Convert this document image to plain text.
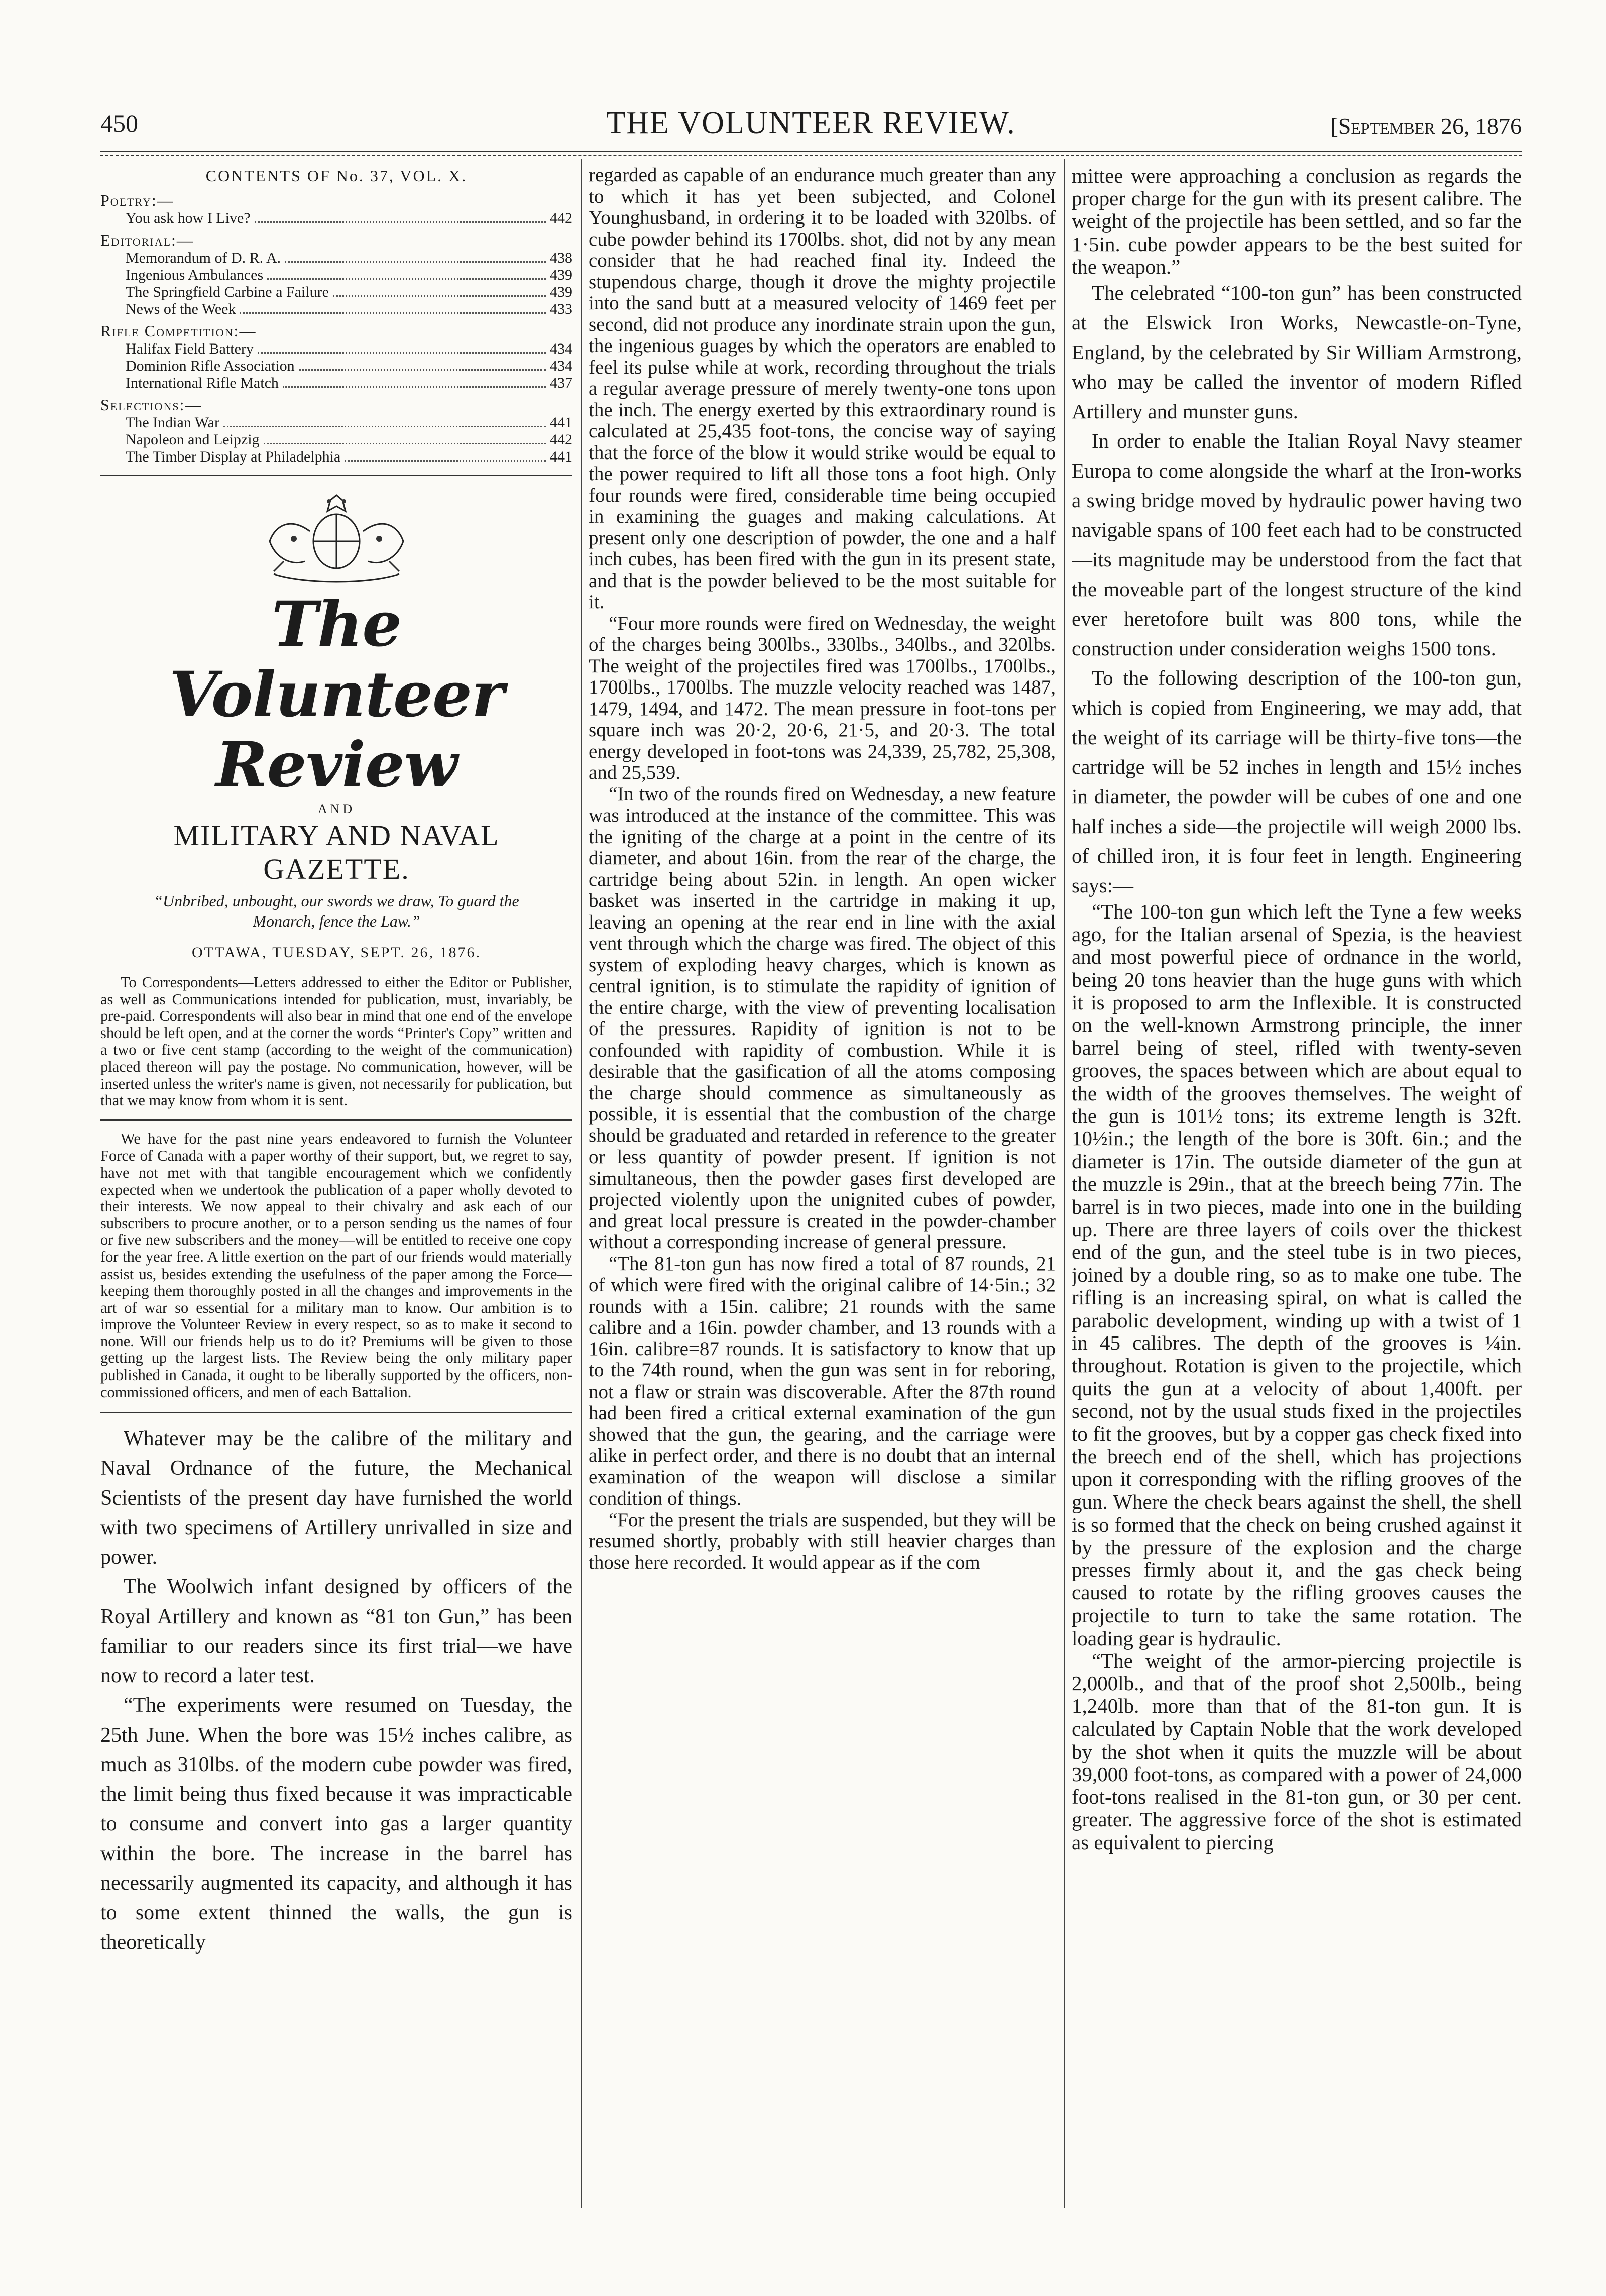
450	THE VOLUNTEER REVIEW.	[September 26, 1876
CONTENTS OF No. 37, VOL. X.
Poetry:—
You ask how I Live?	442
Editorial:—
Memorandum of D. R. A.	438
Ingenious Ambulances	439
The Springfield Carbine a Failure	439
News of the Week	433
Rifle Competition:—
Halifax Field Battery	434
Dominion Rifle Association	434
International Rifle Match	437
Selections:—
The Indian War	441
Napoleon and Leipzig	442
The Timber Display at Philadelphia	441
The Volunteer Review
AND
MILITARY AND NAVAL GAZETTE.
“Unbribed, unbought, our swords we draw, To guard the Monarch, fence the Law.”
OTTAWA, TUESDAY, SEPT. 26, 1876.

To Correspondents—Letters addressed to either the Editor or Publisher, as well as Communications intended for publication, must, invariably, be pre-paid. Correspondents will also bear in mind that one end of the envelope should be left open, and at the corner the words “Printer's Copy” written and a two or five cent stamp (according to the weight of the communication) placed thereon will pay the postage. No communication, however, will be inserted unless the writer's name is given, not necessarily for publication, but that we may know from whom it is sent.

We have for the past nine years endeavored to furnish the Volunteer Force of Canada with a paper worthy of their support, but, we regret to say, have not met with that tangible encouragement which we confidently expected when we undertook the publication of a paper wholly devoted to their interests. We now appeal to their chivalry and ask each of our subscribers to procure another, or to a person sending us the names of four or five new subscribers and the money—will be entitled to receive one copy for the year free. A little exertion on the part of our friends would materially assist us, besides extending the usefulness of the paper among the Force—keeping them thoroughly posted in all the changes and improvements in the art of war so essential for a military man to know. Our ambition is to improve the Volunteer Review in every respect, so as to make it second to none. Will our friends help us to do it? Premiums will be given to those getting up the largest lists. The Review being the only military paper published in Canada, it ought to be liberally supported by the officers, non-commissioned officers, and men of each Battalion.

Whatever may be the calibre of the military and Naval Ordnance of the future, the Mechanical Scientists of the present day have furnished the world with two specimens of Artillery unrivalled in size and power.

The Woolwich infant designed by officers of the Royal Artillery and known as “81 ton Gun,” has been familiar to our readers since its first trial—we have now to record a later test.

“The experiments were resumed on Tuesday, the 25th June. When the bore was 15½ inches calibre, as much as 310lbs. of the modern cube powder was fired, the limit being thus fixed because it was impracticable to consume and convert into gas a larger quantity within the bore. The increase in the barrel has necessarily augmented its capacity, and although it has to some extent thinned the walls, the gun is theoretically

regarded as capable of an endurance much greater than any to which it has yet been subjected, and Colonel Younghusband, in ordering it to be loaded with 320lbs. of cube powder behind its 1700lbs. shot, did not by any mean consider that he had reached final ity. Indeed the stupendous charge, though it drove the mighty projectile into the sand butt at a measured velocity of 1469 feet per second, did not produce any inordinate strain upon the gun, the ingenious guages by which the operators are enabled to feel its pulse while at work, recording throughout the trials a regular average pressure of merely twenty-one tons upon the inch. The energy exerted by this extraordinary round is calculated at 25,435 foot-tons, the concise way of saying that the force of the blow it would strike would be equal to the power required to lift all those tons a foot high. Only four rounds were fired, considerable time being occupied in examining the guages and making calculations. At present only one description of powder, the one and a half inch cubes, has been fired with the gun in its present state, and that is the powder believed to be the most suitable for it.

“Four more rounds were fired on Wednesday, the weight of the charges being 300lbs., 330lbs., 340lbs., and 320lbs. The weight of the projectiles fired was 1700lbs., 1700lbs., 1700lbs., 1700lbs. The muzzle velocity reached was 1487, 1479, 1494, and 1472. The mean pressure in foot-tons per square inch was 20·2, 20·6, 21·5, and 20·3. The total energy developed in foot-tons was 24,339, 25,782, 25,308, and 25,539.

“In two of the rounds fired on Wednesday, a new feature was introduced at the instance of the committee. This was the igniting of the charge at a point in the centre of its diameter, and about 16in. from the rear of the charge, the cartridge being about 52in. in length. An open wicker basket was inserted in the cartridge in making it up, leaving an opening at the rear end in line with the axial vent through which the charge was fired. The object of this system of exploding heavy charges, which is known as central ignition, is to stimulate the rapidity of ignition of the entire charge, with the view of preventing localisation of the pressures. Rapidity of ignition is not to be confounded with rapidity of combustion. While it is desirable that the gasification of all the atoms composing the charge should commence as simultaneously as possible, it is essential that the combustion of the charge should be graduated and retarded in reference to the greater or less quantity of powder present. If ignition is not simultaneous, then the powder gases first developed are projected violently upon the unignited cubes of powder, and great local pressure is created in the powder-chamber without a corresponding increase of general pressure.

“The 81-ton gun has now fired a total of 87 rounds, 21 of which were fired with the original calibre of 14·5in.; 32 rounds with a 15in. calibre; 21 rounds with the same calibre and a 16in. powder chamber, and 13 rounds with a 16in. calibre=87 rounds. It is satisfactory to know that up to the 74th round, when the gun was sent in for reboring, not a flaw or strain was discoverable. After the 87th round had been fired a critical external examination of the gun showed that the gun, the gearing, and the carriage were alike in perfect order, and there is no doubt that an internal examination of the weapon will disclose a similar condition of things.

“For the present the trials are suspended, but they will be resumed shortly, probably with still heavier charges than those here recorded. It would appear as if the com

mittee were approaching a conclusion as regards the proper charge for the gun with its present calibre. The weight of the projectile has been settled, and so far the 1·5in. cube powder appears to be the best suited for the weapon.”

The celebrated “100-ton gun” has been constructed at the Elswick Iron Works, Newcastle-on-Tyne, England, by the celebrated by Sir William Armstrong, who may be called the inventor of modern Rifled Artillery and munster guns.

In order to enable the Italian Royal Navy steamer Europa to come alongside the wharf at the Iron-works a swing bridge moved by hydraulic power having two navigable spans of 100 feet each had to be constructed—its magnitude may be understood from the fact that the moveable part of the longest structure of the kind ever heretofore built was 800 tons, while the construction under consideration weighs 1500 tons.

To the following description of the 100-ton gun, which is copied from Engineering, we may add, that the weight of its carriage will be thirty-five tons—the cartridge will be 52 inches in length and 15½ inches in diameter, the powder will be cubes of one and one half inches a side—the projectile will weigh 2000 lbs. of chilled iron, it is four feet in length. Engineering says:—

“The 100-ton gun which left the Tyne a few weeks ago, for the Italian arsenal of Spezia, is the heaviest and most powerful piece of ordnance in the world, being 20 tons heavier than the huge guns with which it is proposed to arm the Inflexible. It is constructed on the well-known Armstrong principle, the inner barrel being of steel, rifled with twenty-seven grooves, the spaces between which are about equal to the width of the grooves themselves. The weight of the gun is 101½ tons; its extreme length is 32ft. 10½in.; the length of the bore is 30ft. 6in.; and the diameter is 17in. The outside diameter of the gun at the muzzle is 29in., that at the breech being 77in. The barrel is in two pieces, made into one in the building up. There are three layers of coils over the thickest end of the gun, and the steel tube is in two pieces, joined by a double ring, so as to make one tube. The rifling is an increasing spiral, on what is called the parabolic development, winding up with a twist of 1 in 45 calibres. The depth of the grooves is ¼in. throughout. Rotation is given to the projectile, which quits the gun at a velocity of about 1,400ft. per second, not by the usual studs fixed in the projectiles to fit the grooves, but by a copper gas check fixed into the breech end of the shell, which has projections upon it corresponding with the rifling grooves of the gun. Where the check bears against the shell, the shell is so formed that the check on being crushed against it by the pressure of the explosion and the charge presses firmly about it, and the gas check being caused to rotate by the rifling grooves causes the projectile to turn to take the same rotation. The loading gear is hydraulic.

“The weight of the armor-piercing projectile is 2,000lb., and that of the proof shot 2,500lb., being 1,240lb. more than that of the 81-ton gun. It is calculated by Captain Noble that the work developed by the shot when it quits the muzzle will be about 39,000 foot-tons, as compared with a power of 24,000 foot-tons realised in the 81-ton gun, or 30 per cent. greater. The aggressive force of the shot is estimated as equivalent to piercing
